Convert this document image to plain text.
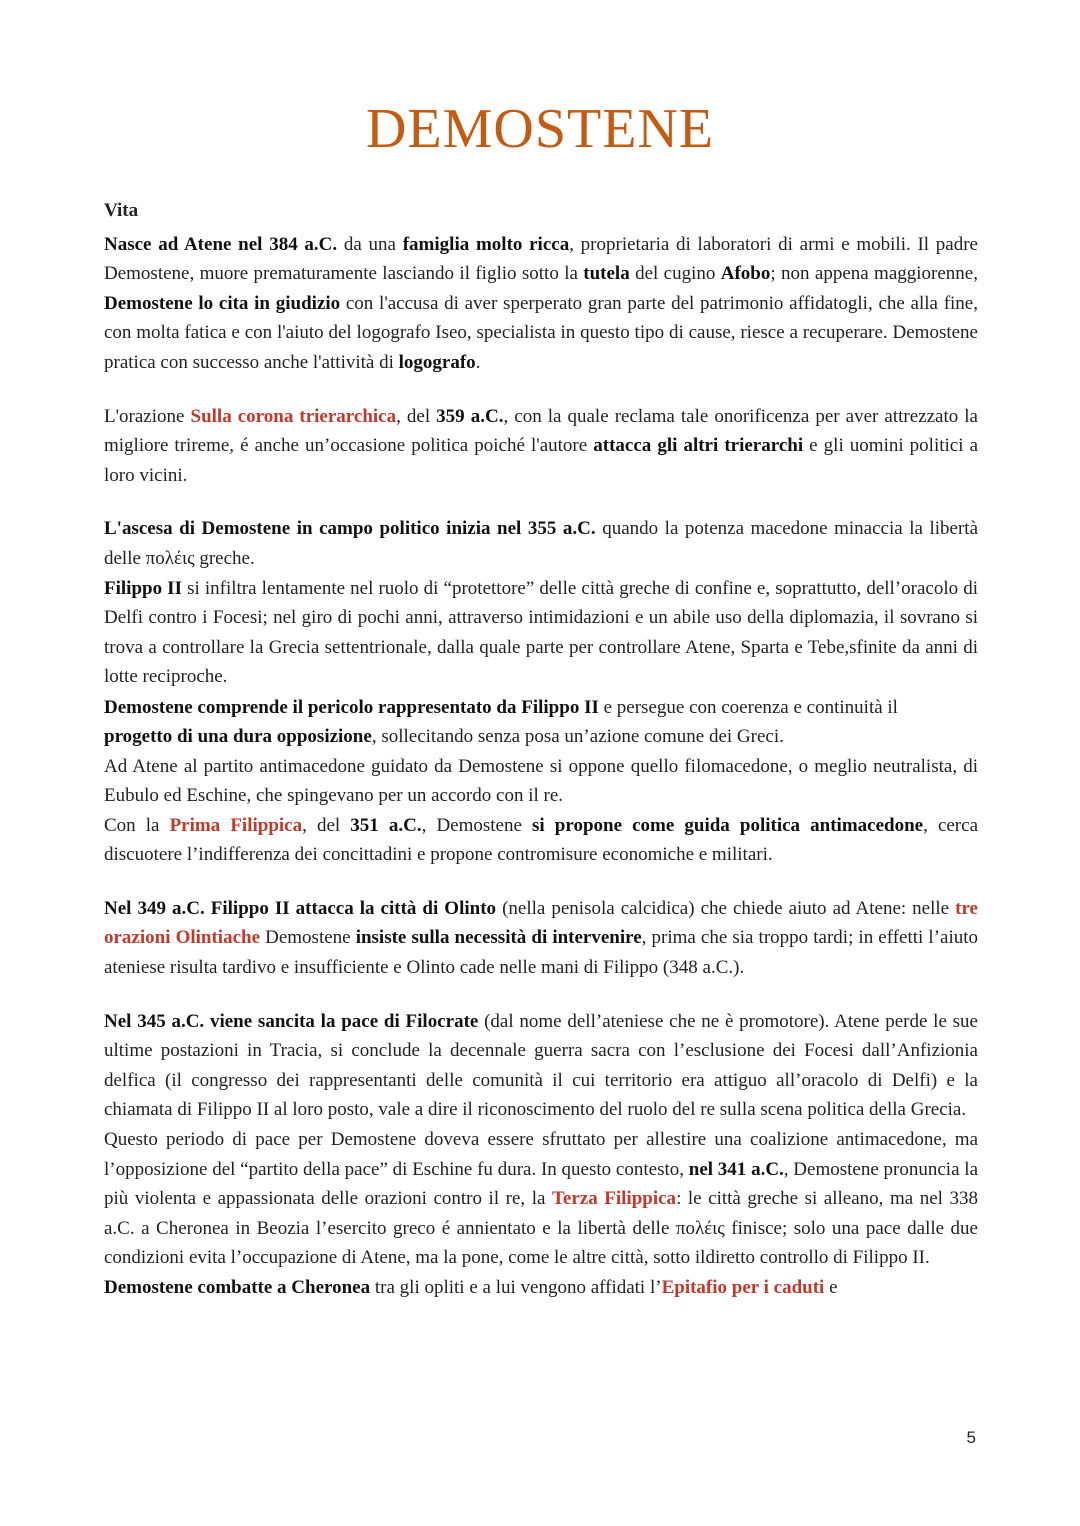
DEMOSTENE

Vita

Nasce ad Atene nel 384 a.C. da una famiglia molto ricca, proprietaria di laboratori di armi e mobili. Il padre Demostene, muore prematuramente lasciando il figlio sotto la tutela del cugino Afobo; non appena maggiorenne, Demostene lo cita in giudizio con l'accusa di aver sperperato gran parte del patrimonio affidatogli, che alla fine, con molta fatica e con l'aiuto del logografo Iseo, specialista in questo tipo di cause, riesce a recuperare. Demostene pratica con successo anche l'attività di logografo.

L'orazione Sulla corona trierarchica, del 359 a.C., con la quale reclama tale onorificenza per aver attrezzato la migliore trireme, é anche un’occasione politica poiché l'autore attacca gli altri trierarchi e gli uomini politici a loro vicini.

L'ascesa di Demostene in campo politico inizia nel 355 a.C. quando la potenza macedone minaccia la libertà delle πολέις greche.

Filippo II si infiltra lentamente nel ruolo di “protettore” delle città greche di confine e, soprattutto, dell’oracolo di Delfi contro i Focesi; nel giro di pochi anni, attraverso intimidazioni e un abile uso della diplomazia, il sovrano si trova a controllare la Grecia settentrionale, dalla quale parte per controllare Atene, Sparta e Tebe,sfinite da anni di lotte reciproche.

Demostene comprende il pericolo rappresentato da Filippo II e persegue con coerenza e continuità il

progetto di una dura opposizione, sollecitando senza posa un’azione comune dei Greci.

Ad Atene al partito antimacedone guidato da Demostene si oppone quello filomacedone, o meglio neutralista, di Eubulo ed Eschine, che spingevano per un accordo con il re.

Con la Prima Filippica, del 351 a.C., Demostene si propone come guida politica antimacedone, cerca discuotere l’indifferenza dei concittadini e propone contromisure economiche e militari.

Nel 349 a.C. Filippo II attacca la città di Olinto (nella penisola calcidica) che chiede aiuto ad Atene: nelle tre orazioni Olintiache Demostene insiste sulla necessità di intervenire, prima che sia troppo tardi; in effetti l’aiuto ateniese risulta tardivo e insufficiente e Olinto cade nelle mani di Filippo (348 a.C.).

Nel 345 a.C. viene sancita la pace di Filocrate (dal nome dell’ateniese che ne è promotore). Atene perde le sue ultime postazioni in Tracia, si conclude la decennale guerra sacra con l’esclusione dei Focesi dall’Anfizionia delfica (il congresso dei rappresentanti delle comunità il cui territorio era attiguo all’oracolo di Delfi) e la chiamata di Filippo II al loro posto, vale a dire il riconoscimento del ruolo del re sulla scena politica della Grecia.

Questo periodo di pace per Demostene doveva essere sfruttato per allestire una coalizione antimacedone, ma l’opposizione del “partito della pace” di Eschine fu dura. In questo contesto, nel 341 a.C., Demostene pronuncia la più violenta e appassionata delle orazioni contro il re, la Terza Filippica: le città greche si alleano, ma nel 338 a.C. a Cheronea in Beozia l’esercito greco é annientato e la libertà delle πολέις finisce; solo una pace dalle due condizioni evita l’occupazione di Atene, ma la pone, come le altre città, sotto ildiretto controllo di Filippo II.

Demostene combatte a Cheronea tra gli opliti e a lui vengono affidati l’Epitafio per i caduti e

5
